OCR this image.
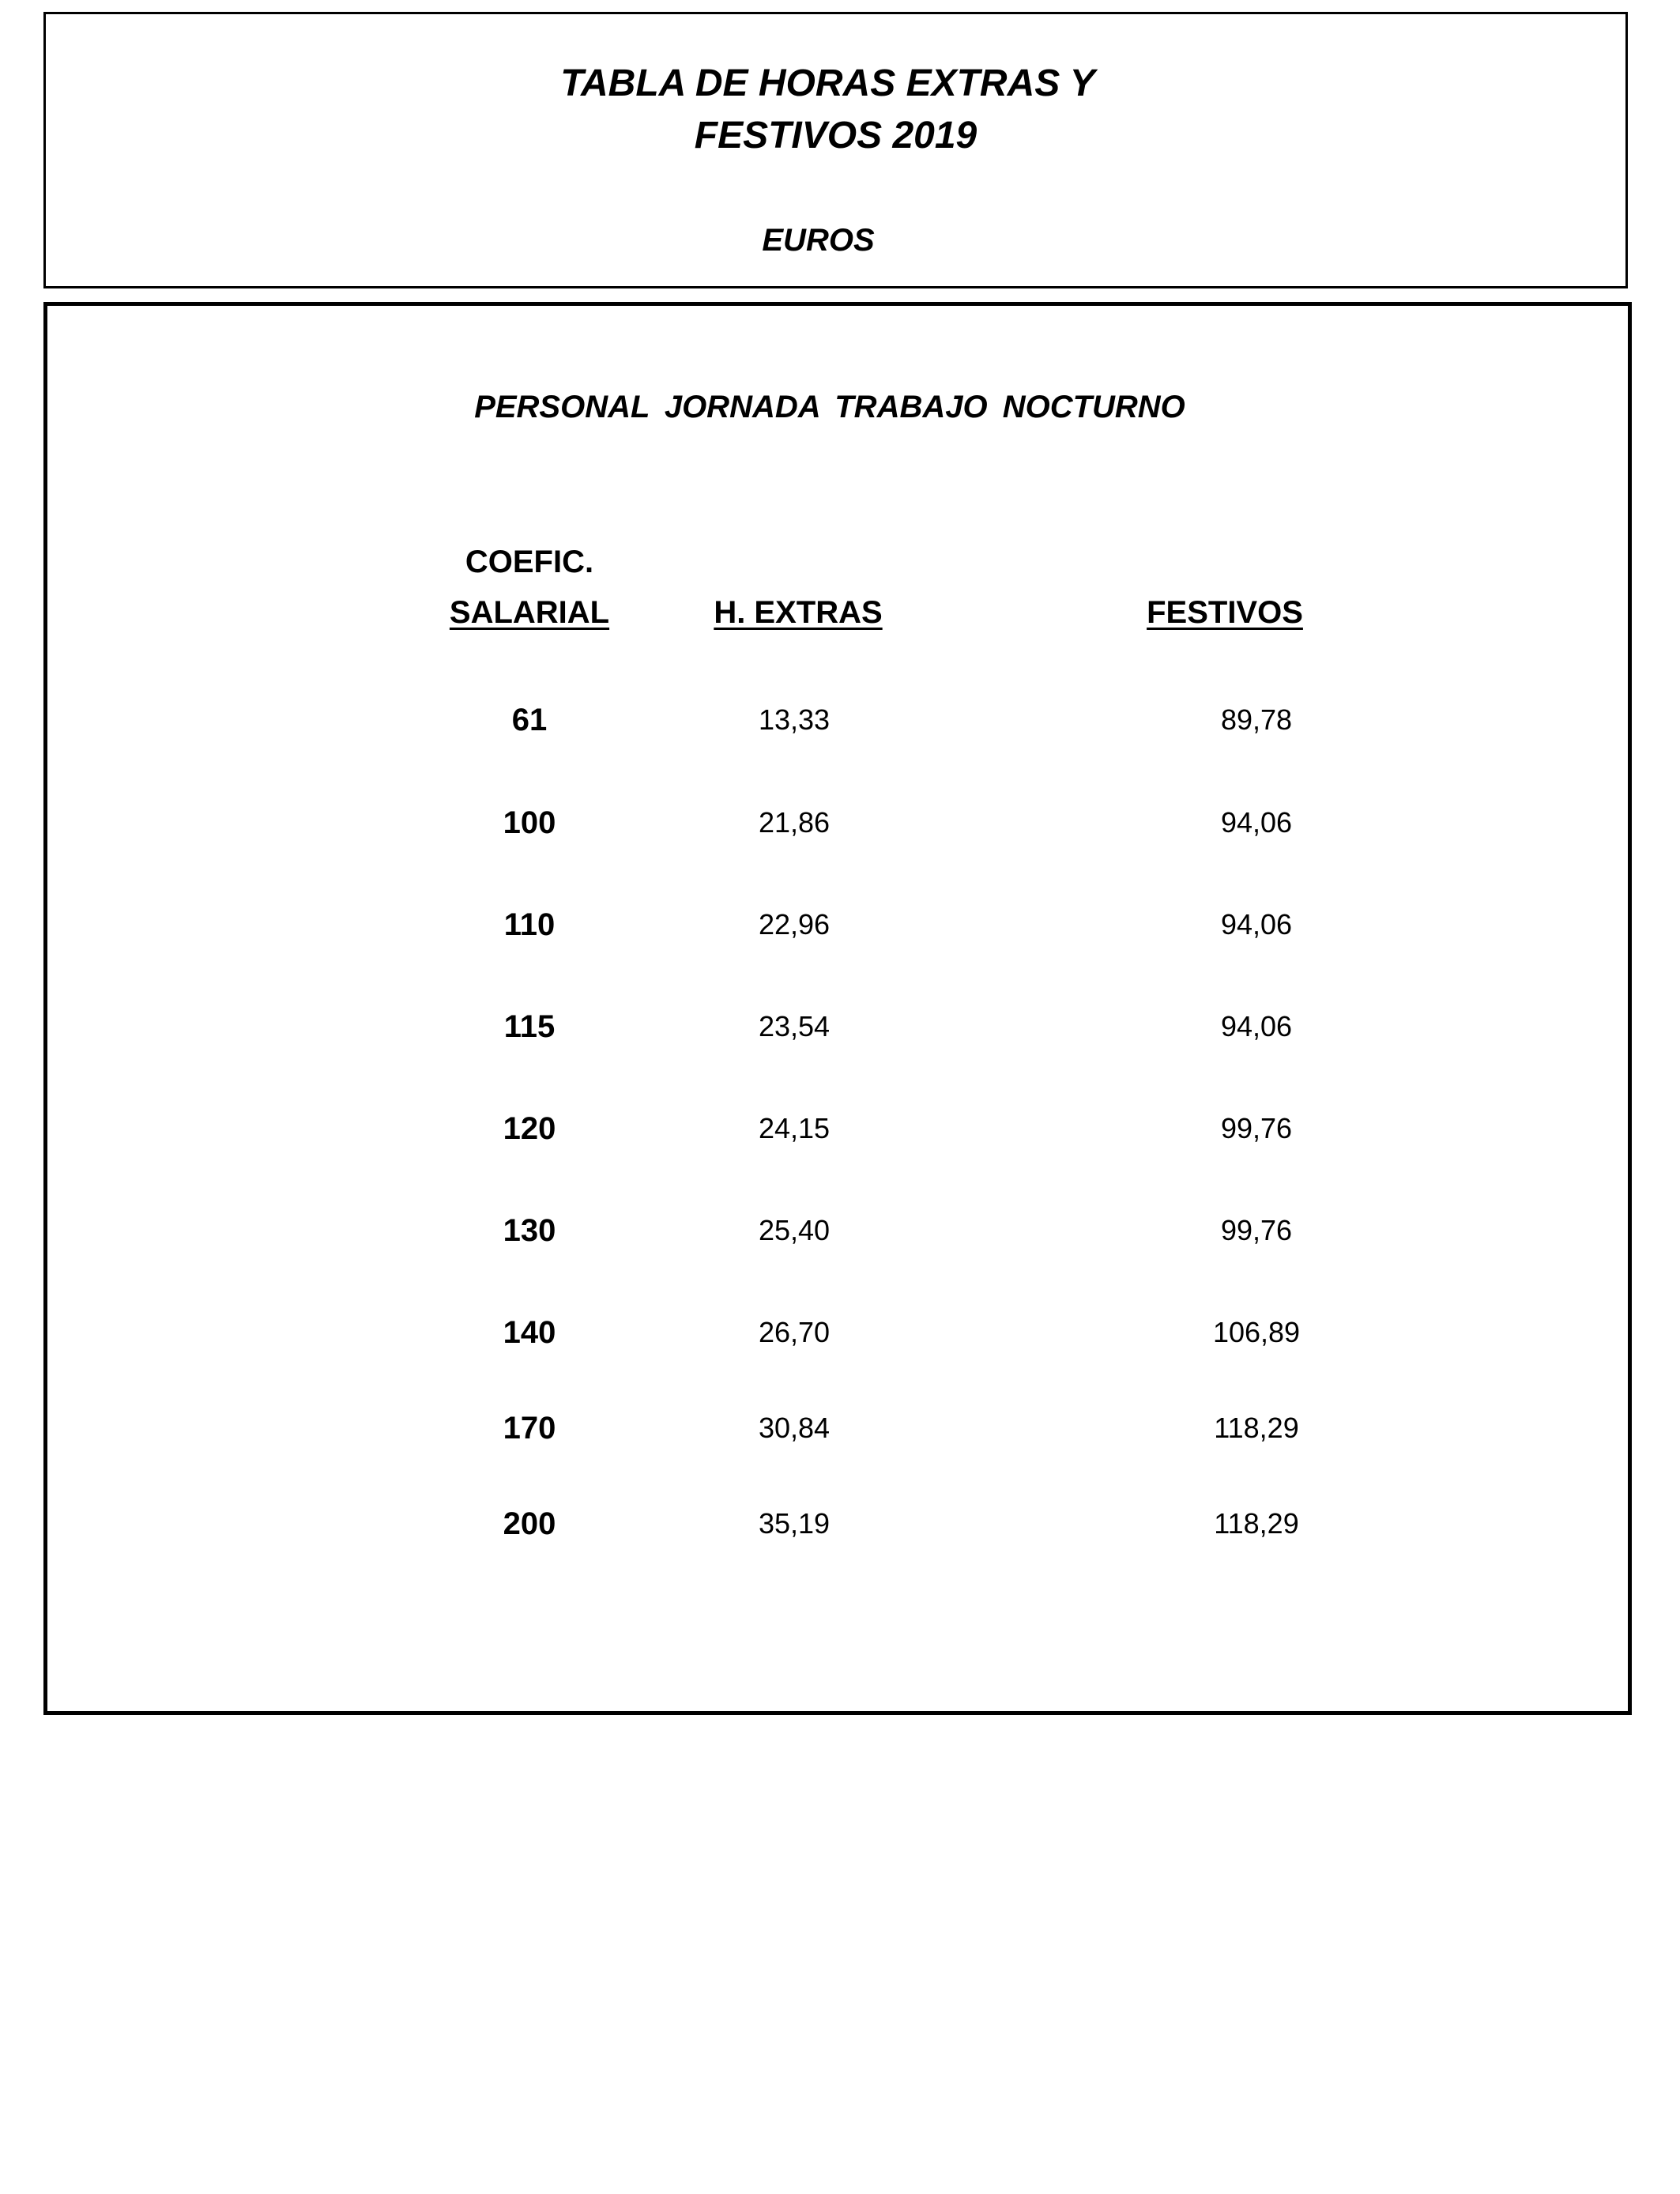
TABLA DE HORAS EXTRAS Y
FESTIVOS 2019
EUROS
PERSONAL JORNADA TRABAJO NOCTURNO
COEFIC.
SALARIAL	H. EXTRAS	FESTIVOS
61	13,33	89,78
100	21,86	94,06
110	22,96	94,06
115	23,54	94,06
120	24,15	99,76
130	25,40	99,76
140	26,70	106,89
170	30,84	118,29
200	35,19	118,29
